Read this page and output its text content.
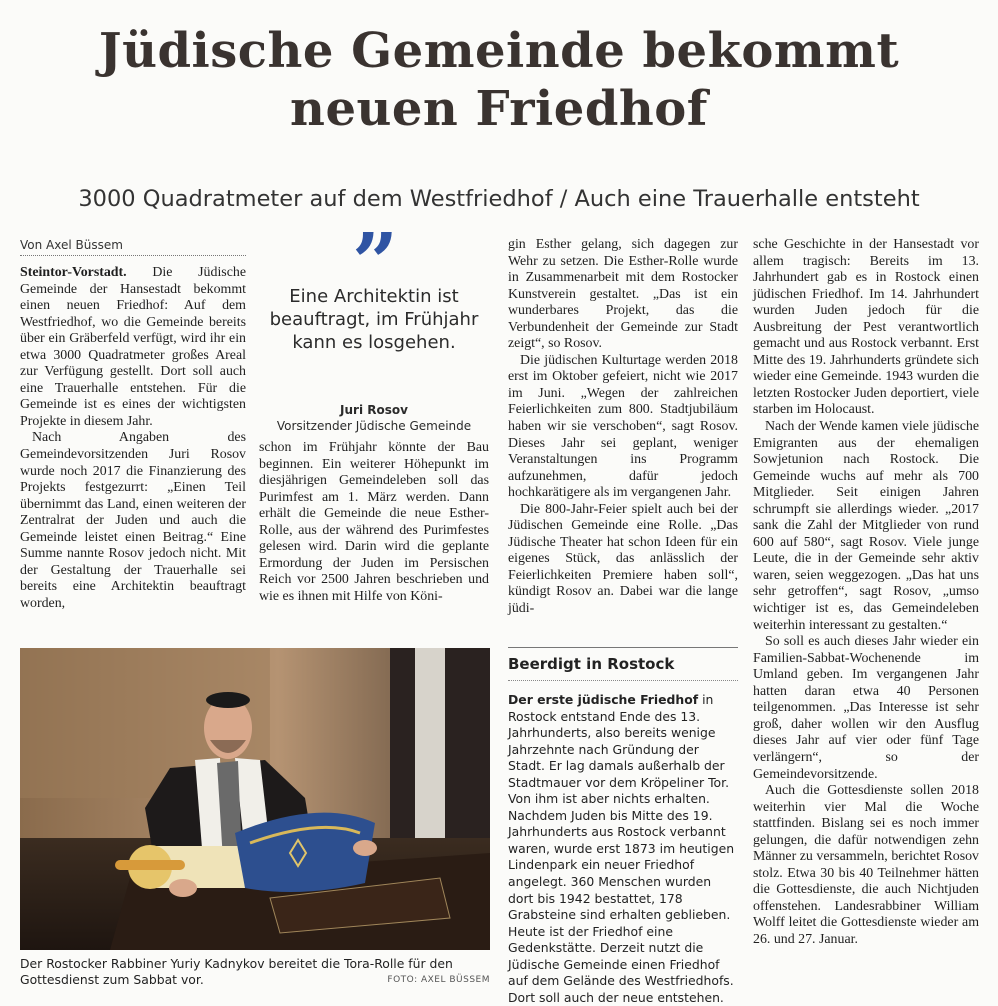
Jüdische Gemeinde bekommt
neuen Friedhof
3000 Quadratmeter auf dem Westfriedhof / Auch eine Trauerhalle entsteht
Von Axel Büssem

Steintor-Vorstadt. Die Jüdische Gemeinde der Hansestadt bekommt einen neuen Friedhof: Auf dem Westfriedhof, wo die Gemeinde bereits über ein Gräberfeld verfügt, wird ihr ein etwa 3000 Quadratmeter großes Areal zur Verfügung gestellt. Dort soll auch eine Trauerhalle entstehen. Für die Gemeinde ist es eines der wichtigsten Projekte in diesem Jahr.

Nach Angaben des Gemeindevorsitzenden Juri Rosov wurde noch 2017 die Finanzierung des Projekts festgezurrt: „Einen Teil übernimmt das Land, einen weiteren der Zentralrat der Juden und auch die Gemeinde leistet einen Beitrag.“ Eine Summe nannte Rosov jedoch nicht. Mit der Gestaltung der Trauerhalle sei bereits eine Architektin beauftragt worden,

”
Eine Architektin ist beauftragt, im Frühjahr kann es losgehen.
Juri Rosov
Vorsitzender Jüdische Gemeinde

schon im Frühjahr könnte der Bau beginnen. Ein weiterer Höhepunkt im diesjährigen Gemeindeleben soll das Purimfest am 1. März werden. Dann erhält die Gemeinde die neue Esther-Rolle, aus der während des Purimfestes gelesen wird. Darin wird die geplante Ermordung der Juden im Persischen Reich vor 2500 Jahren beschrieben und wie es ihnen mit Hilfe von Köni-

gin Esther gelang, sich dagegen zur Wehr zu setzen. Die Esther-Rolle wurde in Zusammenarbeit mit dem Rostocker Kunstverein gestaltet. „Das ist ein wunderbares Projekt, das die Verbundenheit der Gemeinde zur Stadt zeigt“, so Rosov.

Die jüdischen Kulturtage werden 2018 erst im Oktober gefeiert, nicht wie 2017 im Juni. „Wegen der zahlreichen Feierlichkeiten zum 800. Stadtjubiläum haben wir sie verschoben“, sagt Rosov. Dieses Jahr sei geplant, weniger Veranstaltungen ins Programm aufzunehmen, dafür jedoch hochkarätigere als im vergangenen Jahr.

Die 800-Jahr-Feier spielt auch bei der Jüdischen Gemeinde eine Rolle. „Das Jüdische Theater hat schon Ideen für ein eigenes Stück, das anlässlich der Feierlichkeiten Premiere haben soll“, kündigt Rosov an. Dabei war die lange jüdi-

Beerdigt in Rostock
Der erste jüdische Friedhof in Rostock entstand Ende des 13. Jahrhunderts, also bereits wenige Jahrzehnte nach Gründung der Stadt. Er lag damals außerhalb der Stadtmauer vor dem Kröpeliner Tor. Von ihm ist aber nichts erhalten. Nachdem Juden bis Mitte des 19. Jahrhunderts aus Rostock verbannt waren, wurde erst 1873 im heutigen Lindenpark ein neuer Friedhof angelegt. 360 Menschen wurden dort bis 1942 bestattet, 178 Grabsteine sind erhalten geblieben. Heute ist der Friedhof eine Gedenkstätte. Derzeit nutzt die Jüdische Gemeinde einen Friedhof auf dem Gelände des Westfriedhofs. Dort soll auch der neue entstehen.

sche Geschichte in der Hansestadt vor allem tragisch: Bereits im 13. Jahrhundert gab es in Rostock einen jüdischen Friedhof. Im 14. Jahrhundert wurden Juden jedoch für die Ausbreitung der Pest verantwortlich gemacht und aus Rostock verbannt. Erst Mitte des 19. Jahrhunderts gründete sich wieder eine Gemeinde. 1943 wurden die letzten Rostocker Juden deportiert, viele starben im Holocaust.

Nach der Wende kamen viele jüdische Emigranten aus der ehemaligen Sowjetunion nach Rostock. Die Gemeinde wuchs auf mehr als 700 Mitglieder. Seit einigen Jahren schrumpft sie allerdings wieder. „2017 sank die Zahl der Mitglieder von rund 600 auf 580“, sagt Rosov. Viele junge Leute, die in der Gemeinde sehr aktiv waren, seien weggezogen. „Das hat uns sehr getroffen“, sagt Rosov, „umso wichtiger ist es, das Gemeindeleben weiterhin interessant zu gestalten.“

So soll es auch dieses Jahr wieder ein Familien-Sabbat-Wochenende im Umland geben. Im vergangenen Jahr hatten daran etwa 40 Personen teilgenommen. „Das Interesse ist sehr groß, daher wollen wir den Ausflug dieses Jahr auf vier oder fünf Tage verlängern“, so der Gemeindevorsitzende.

Auch die Gottesdienste sollen 2018 weiterhin vier Mal die Woche stattfinden. Bislang sei es noch immer gelungen, die dafür notwendigen zehn Männer zu versammeln, berichtet Rosov stolz. Etwa 30 bis 40 Teilnehmer hätten die Gottesdienste, die auch Nichtjuden offenstehen. Landesrabbiner William Wolff leitet die Gottesdienste wieder am 26. und 27. Januar.

Der Rostocker Rabbiner Yuriy Kadnykov bereitet die Tora-Rolle für den Gottesdienst zum Sabbat vor.	FOTO: AXEL BÜSSEM
